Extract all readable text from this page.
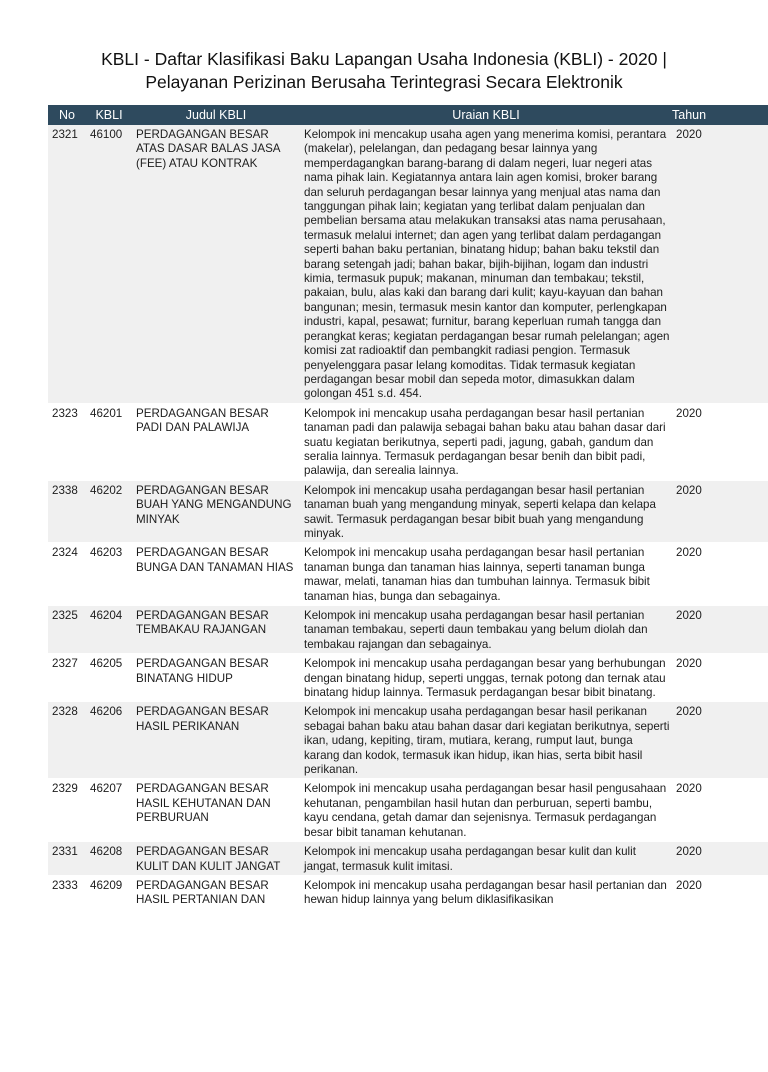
KBLI - Daftar Klasifikasi Baku Lapangan Usaha Indonesia (KBLI) - 2020 |
Pelayanan Perizinan Berusaha Terintegrasi Secara Elektronik
No	KBLI	Judul KBLI	Uraian KBLI	Tahun
2321	46100	PERDAGANGAN BESAR ATAS DASAR BALAS JASA (FEE) ATAU KONTRAK	Kelompok ini mencakup usaha agen yang menerima komisi, perantara (makelar), pelelangan, dan pedagang besar lainnya yang memperdagangkan barang-barang di dalam negeri, luar negeri atas nama pihak lain. Kegiatannya antara lain agen komisi, broker barang dan seluruh perdagangan besar lainnya yang menjual atas nama dan tanggungan pihak lain; kegiatan yang terlibat dalam penjualan dan pembelian bersama atau melakukan transaksi atas nama perusahaan, termasuk melalui internet; dan agen yang terlibat dalam perdagangan seperti bahan baku pertanian, binatang hidup; bahan baku tekstil dan barang setengah jadi; bahan bakar, bijih-bijihan, logam dan industri kimia, termasuk pupuk; makanan, minuman dan tembakau; tekstil, pakaian, bulu, alas kaki dan barang dari kulit; kayu-kayuan dan bahan bangunan; mesin, termasuk mesin kantor dan komputer, perlengkapan industri, kapal, pesawat; furnitur, barang keperluan rumah tangga dan perangkat keras; kegiatan perdagangan besar rumah pelelangan; agen komisi zat radioaktif dan pembangkit radiasi pengion. Termasuk penyelenggara pasar lelang komoditas. Tidak termasuk kegiatan perdagangan besar mobil dan sepeda motor, dimasukkan dalam golongan 451 s.d. 454.	2020
2323	46201	PERDAGANGAN BESAR PADI DAN PALAWIJA	Kelompok ini mencakup usaha perdagangan besar hasil pertanian tanaman padi dan palawija sebagai bahan baku atau bahan dasar dari suatu kegiatan berikutnya, seperti padi, jagung, gabah, gandum dan seralia lainnya. Termasuk perdagangan besar benih dan bibit padi, palawija, dan serealia lainnya.	2020
2338	46202	PERDAGANGAN BESAR BUAH YANG MENGANDUNG MINYAK	Kelompok ini mencakup usaha perdagangan besar hasil pertanian tanaman buah yang mengandung minyak, seperti kelapa dan kelapa sawit. Termasuk perdagangan besar bibit buah yang mengandung minyak.	2020
2324	46203	PERDAGANGAN BESAR BUNGA DAN TANAMAN HIAS	Kelompok ini mencakup usaha perdagangan besar hasil pertanian tanaman bunga dan tanaman hias lainnya, seperti tanaman bunga mawar, melati, tanaman hias dan tumbuhan lainnya. Termasuk bibit tanaman hias, bunga dan sebagainya.	2020
2325	46204	PERDAGANGAN BESAR TEMBAKAU RAJANGAN	Kelompok ini mencakup usaha perdagangan besar hasil pertanian tanaman tembakau, seperti daun tembakau yang belum diolah dan tembakau rajangan dan sebagainya.	2020
2327	46205	PERDAGANGAN BESAR BINATANG HIDUP	Kelompok ini mencakup usaha perdagangan besar yang berhubungan dengan binatang hidup, seperti unggas, ternak potong dan ternak atau binatang hidup lainnya. Termasuk perdagangan besar bibit binatang.	2020
2328	46206	PERDAGANGAN BESAR HASIL PERIKANAN	Kelompok ini mencakup usaha perdagangan besar hasil perikanan sebagai bahan baku atau bahan dasar dari kegiatan berikutnya, seperti ikan, udang, kepiting, tiram, mutiara, kerang, rumput laut, bunga karang dan kodok, termasuk ikan hidup, ikan hias, serta bibit hasil perikanan.	2020
2329	46207	PERDAGANGAN BESAR HASIL KEHUTANAN DAN PERBURUAN	Kelompok ini mencakup usaha perdagangan besar hasil pengusahaan kehutanan, pengambilan hasil hutan dan perburuan, seperti bambu, kayu cendana, getah damar dan sejenisnya. Termasuk perdagangan besar bibit tanaman kehutanan.	2020
2331	46208	PERDAGANGAN BESAR KULIT DAN KULIT JANGAT	Kelompok ini mencakup usaha perdagangan besar kulit dan kulit jangat, termasuk kulit imitasi.	2020
2333	46209	PERDAGANGAN BESAR HASIL PERTANIAN DAN	Kelompok ini mencakup usaha perdagangan besar hasil pertanian dan hewan hidup lainnya yang belum diklasifikasikan	2020
